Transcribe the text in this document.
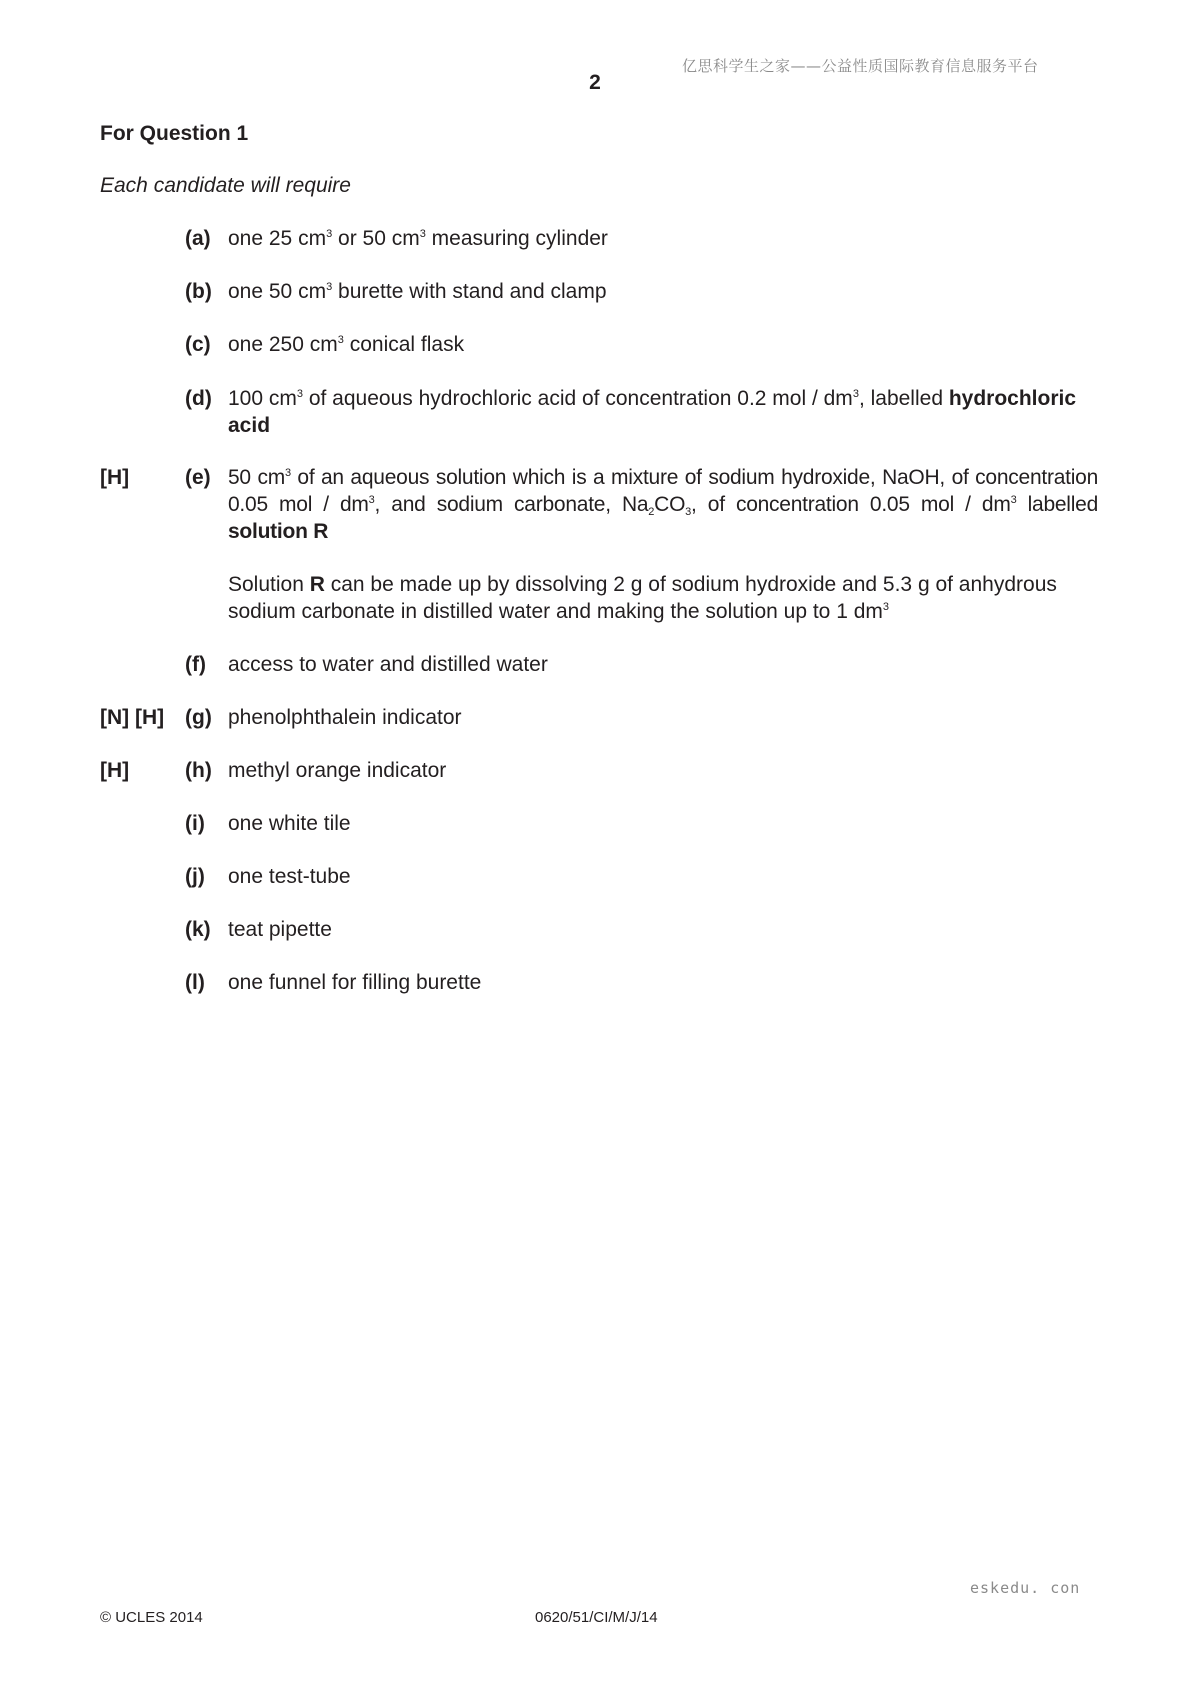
亿思科学生之家——公益性质国际教育信息服务平台
2
For Question 1
Each candidate will require
(a) one 25 $cm^3$ or 50 $cm^3$ measuring cylinder
(b) one 50 $cm^3$ burette with stand and clamp
(c) one 250 $cm^3$ conical flask
(d) 100 $cm^3$ of aqueous hydrochloric acid of concentration 0.2 mol / $dm^3$, labelled hydrochloric acid
[H]	(e) 50 $cm^3$ of an aqueous solution which is a mixture of sodium hydroxide, NaOH, of concentration 0.05 mol / $dm^3$, and sodium carbonate, $Na_2CO_3$, of concentration 0.05 mol / $dm^3$ labelled solution R
Solution R can be made up by dissolving 2 g of sodium hydroxide and 5.3 g of anhydrous sodium carbonate in distilled water and making the solution up to 1 $dm^3$
(f) access to water and distilled water
[N] [H] (g) phenolphthalein indicator
[H]	(h) methyl orange indicator
(i) one white tile
(j) one test-tube
(k) teat pipette
(l) one funnel for filling burette
eskedu. con
© UCLES 2014	0620/51/CI/M/J/14
